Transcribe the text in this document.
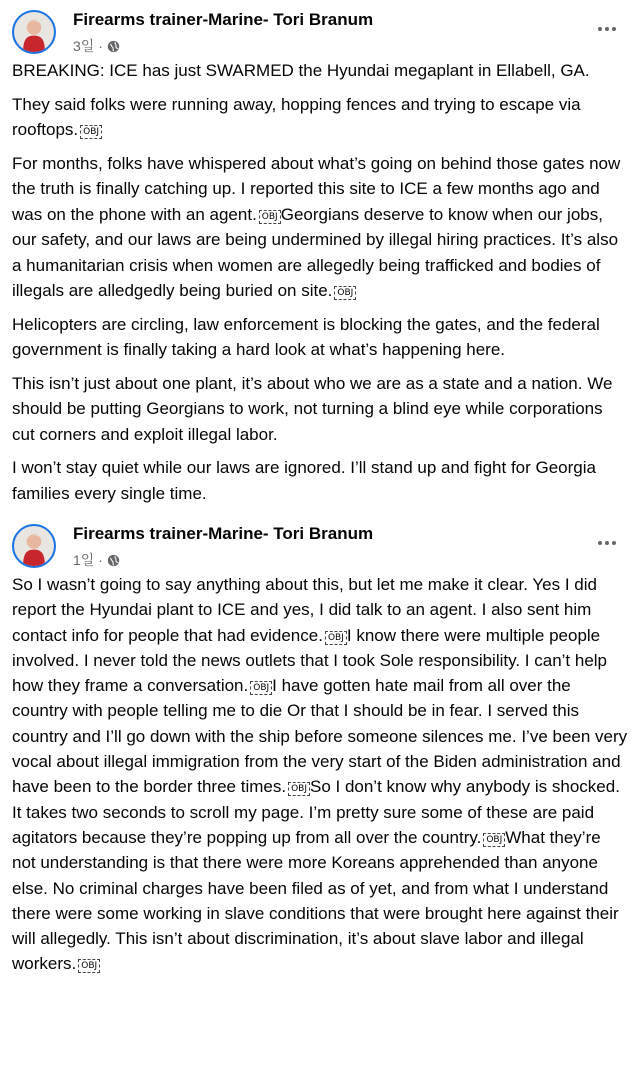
Firearms trainer-Marine- Tori Branum
3일 ·

BREAKING: ICE has just SWARMED the Hyundai megaplant in Ellabell, GA.

They said folks were running away, hopping fences and trying to escape via rooftops. OBJ

For months, folks have whispered about what’s going on behind those gates now the truth is finally catching up. I reported this site to ICE a few months ago and was on the phone with an agent. OBJ Georgians deserve to know when our jobs, our safety, and our laws are being undermined by illegal hiring practices. It’s also a humanitarian crisis when women are allegedly being trafficked and bodies of illegals are alledgedly being buried on site. OBJ

Helicopters are circling, law enforcement is blocking the gates, and the federal government is finally taking a hard look at what’s happening here.

This isn’t just about one plant, it’s about who we are as a state and a nation. We should be putting Georgians to work, not turning a blind eye while corporations cut corners and exploit illegal labor.

I won’t stay quiet while our laws are ignored. I’ll stand up and fight for Georgia families every single time.

Firearms trainer-Marine- Tori Branum
1일 ·

So I wasn’t going to say anything about this, but let me make it clear. Yes I did report the Hyundai plant to ICE and yes, I did talk to an agent. I also sent him contact info for people that had evidence. OBJ I know there were multiple people involved. I never told the news outlets that I took Sole responsibility. I can’t help how they frame a conversation. OBJ I have gotten hate mail from all over the country with people telling me to die Or that I should be in fear. I served this country and I’ll go down with the ship before someone silences me. I’ve been very vocal about illegal immigration from the very start of the Biden administration and have been to the border three times. OBJ So I don’t know why anybody is shocked. It takes two seconds to scroll my page. I’m pretty sure some of these are paid agitators because they’re popping up from all over the country. OBJ What they’re not understanding is that there were more Koreans apprehended than anyone else. No criminal charges have been filed as of yet, and from what I understand there were some working in slave conditions that were brought here against their will allegedly. This isn’t about discrimination, it’s about slave labor and illegal workers. OBJ
